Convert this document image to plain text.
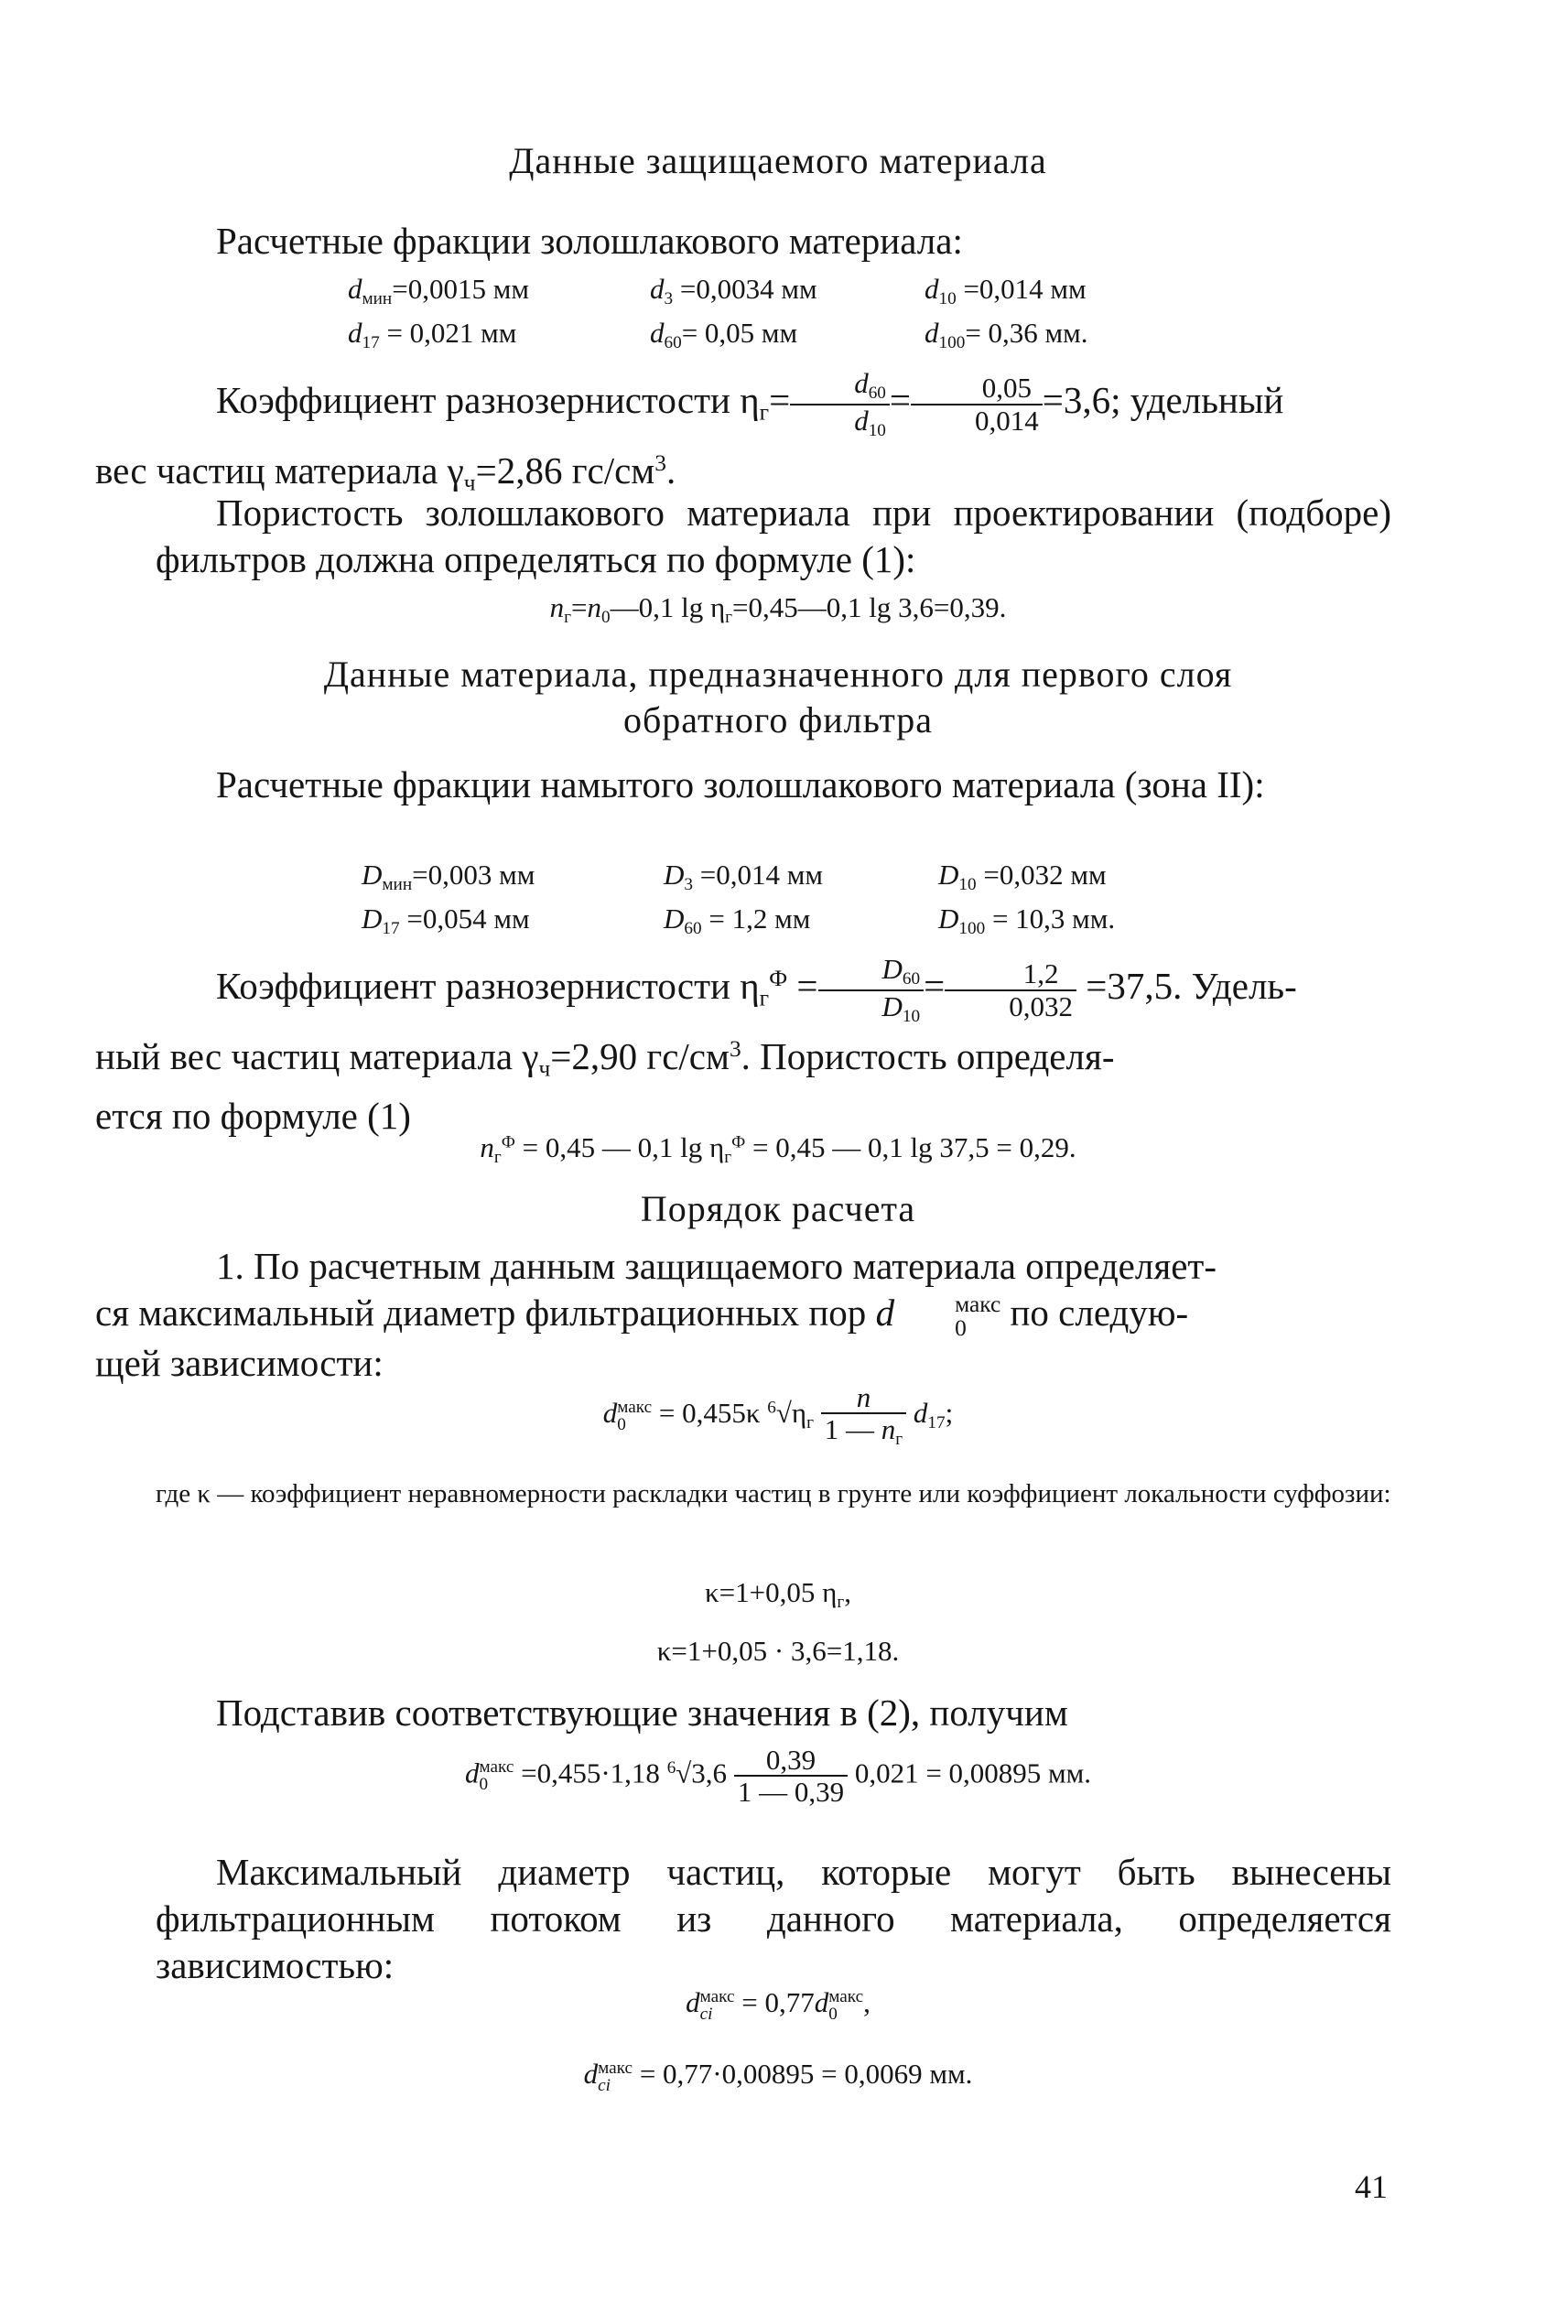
Данные защищаемого материала
Расчетные фракции золошлакового материала:
$d_{мин}=0,0015$ мм	$d_3 =0,0034$ мм	$d_{10} =0,014$ мм
$d_{17} = 0,021$ мм	$d_{60}= 0,05$ мм	$d_{100}= 0,36$ мм.
Коэффициент разнозернистости $\eta_г= \frac{d_{60}}{d_{10}} = \frac{0,05}{0,014} =3,6$; удельный
вес частиц материала $\gamma_ч=2,86$ $гс/см^3$.
Пористость золошлакового материала при проектировании (подборе) фильтров должна определяться по формуле (1):
$n_г=n_0—0,1$ $\lg \eta_г=0,45—0,1$ lg 3,6=0,39.
Данные материала, предназначенного для первого слоя
обратного фильтра
Расчетные фракции намытого золошлакового материала (зона II):
$D_{мин}=0,003$ мм	$D_3 =0,014$ мм	$D_{10} =0,032$ мм
$D_{17} =0,054$ мм	$D_{60} = 1,2$ мм	$D_{100} = 10,3$ мм.
Коэффициент разнозернистости $\eta_г^Ф = \frac{D_{60}}{D_{10}} = \frac{1,2}{0,032} =37,5$. Удель-
ный вес частиц материала $\gamma_ч=2,90$ $гс/см^3$. Пористость определя-
ется по формуле (1)
$n_г^Ф = 0,45$ — 0,1 $\lg \eta_г^Ф = 0,45$ — 0,1 lg 37,5 = 0,29.
Порядок расчета
1. По расчетным данным защищаемого материала определяет-
ся максимальный диаметр фильтрационных пор d	макс
0 по следую-
щей зависимости:
d макс
0 = 0,455κ $^6√\eta_г$
n
1 — $n_г$
$d_{17}$;
где κ — коэффициент неравномерности раскладки частиц в грунте или коэффициент локальности суффозии:
κ=1+0,05 $\eta_г$,
κ=1+0,05 · 3,6=1,18.
Подставив соответствующие значения в (2), получим
d макс
0 =0,455·1,18 $^6√3,6 \frac{0,39}{1 — 0,39} 0,021 = 0,00895$ мм.
Максимальный диаметр частиц, которые могут быть вынесены фильтрационным потоком из данного материала, определяется зависимостью:
d макс
ci = 0,77d макс
0 ,
d макс
ci = 0,77·0,00895 = 0,0069 мм.
41
